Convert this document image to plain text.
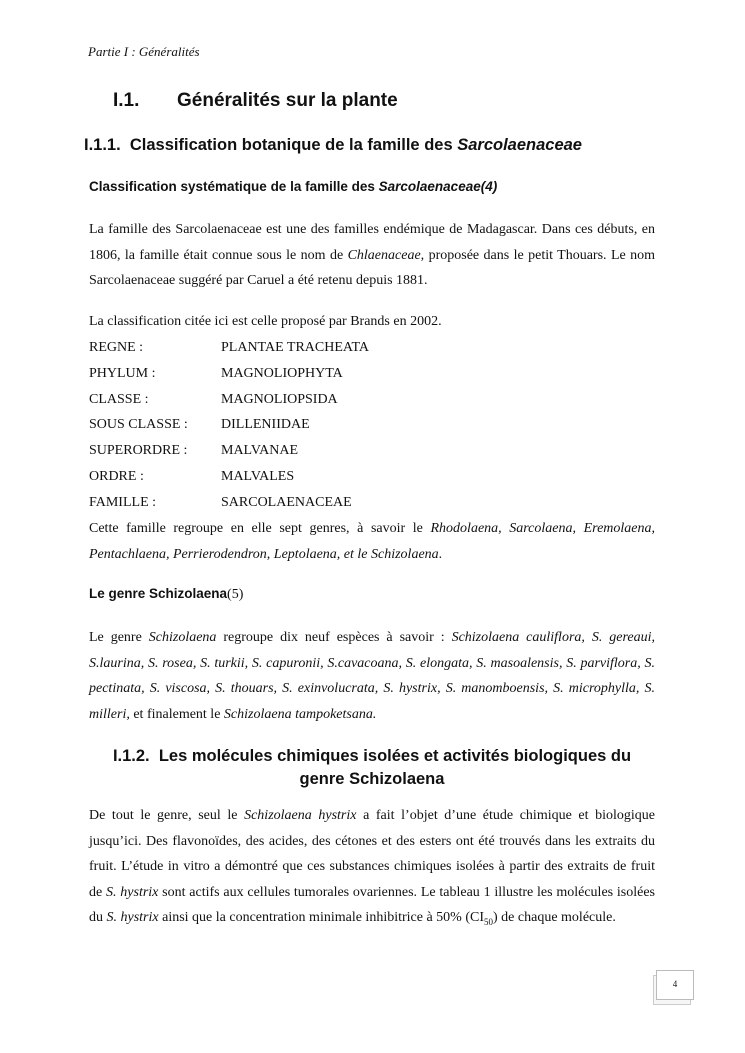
Partie I : Généralités
I.1. Généralités sur la plante
I.1.1. Classification botanique de la famille des Sarcolaenaceae
Classification systématique de la famille des Sarcolaenaceae(4)
La famille des Sarcolaenaceae est une des familles endémique de Madagascar. Dans ces débuts, en 1806, la famille était connue sous le nom de Chlaenaceae, proposée dans le petit Thouars. Le nom Sarcolaenaceae suggéré par Caruel a été retenu depuis 1881.
La classification citée ici est celle proposé par Brands en 2002.
REGNE :	PLANTAE TRACHEATA
PHYLUM :	MAGNOLIOPHYTA
CLASSE :	MAGNOLIOPSIDA
SOUS CLASSE : DILLENIIDAE
SUPERORDRE : MALVANAE
ORDRE :	MALVALES
FAMILLE :	SARCOLAENACEAE
Cette famille regroupe en elle sept genres, à savoir le Rhodolaena, Sarcolaena, Eremolaena, Pentachlaena, Perrierodendron, Leptolaena, et le Schizolaena.
Le genre Schizolaena(5)
Le genre Schizolaena regroupe dix neuf espèces à savoir : Schizolaena cauliflora, S. gereaui, S.laurina, S. rosea, S. turkii, S. capuronii, S.cavacoana, S. elongata, S. masoalensis, S. parviflora, S. pectinata, S. viscosa, S. thouars, S. exinvolucrata, S. hystrix, S. manomboensis, S. microphylla, S. milleri, et finalement le Schizolaena tampoketsana.
I.1.2. Les molécules chimiques isolées et activités biologiques du
genre Schizolaena
De tout le genre, seul le Schizolaena hystrix a fait l’objet d’une étude chimique et biologique jusqu’ici. Des flavonoïdes, des acides, des cétones et des esters ont été trouvés dans les extraits du fruit. L’étude in vitro a démontré que ces substances chimiques isolées à partir des extraits de fruit de S. hystrix sont actifs aux cellules tumorales ovariennes. Le tableau 1 illustre les molécules isolées du S. hystrix ainsi que la concentration minimale inhibitrice à 50% $(CI_{50})$ de chaque molécule.
4
